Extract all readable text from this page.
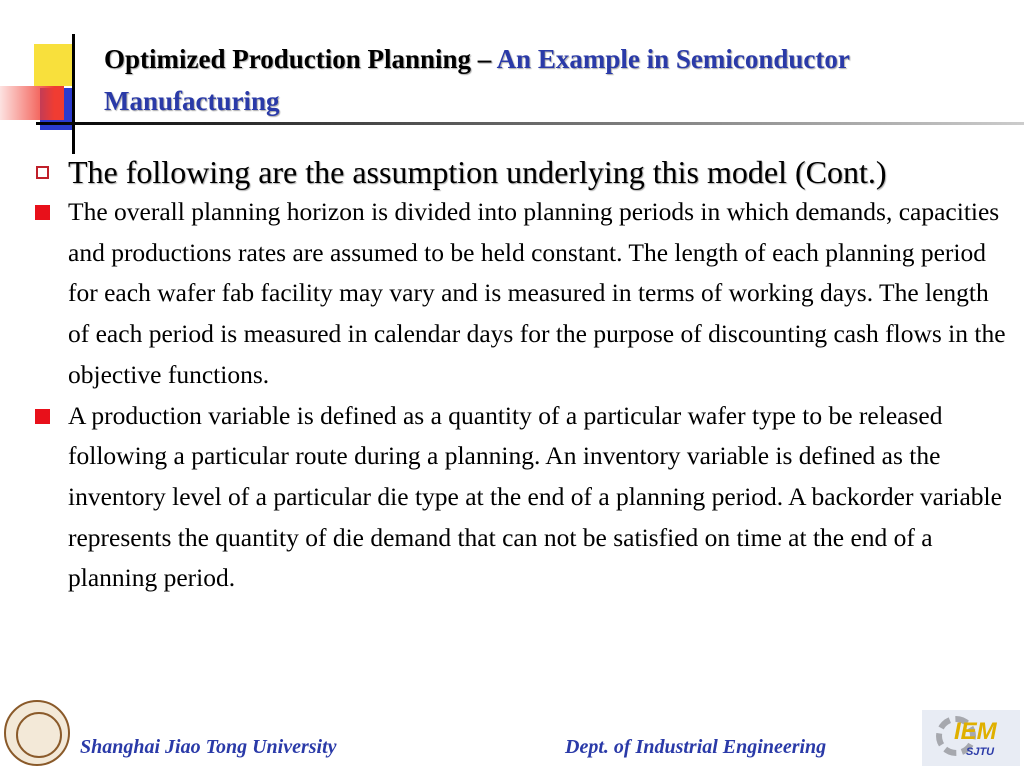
Optimized Production Planning – An Example in Semiconductor Manufacturing
The following are the assumption underlying this model (Cont.)
The overall planning horizon is divided into planning periods in which demands, capacities and productions rates are assumed to be held constant. The length of each planning period for each wafer fab facility may vary and is measured in terms of working days. The length of each period is measured in calendar days for the purpose of discounting cash flows in the objective functions.
A production variable is defined as a quantity of a particular wafer type to be released following a particular route during a planning. An inventory variable is defined as the inventory level of a particular die type at the end of a planning period. A backorder variable represents the quantity of die demand that can not be satisfied on time at the end of a planning period.
Shanghai Jiao Tong University	Dept. of Industrial Engineering
IEM
SJTU
